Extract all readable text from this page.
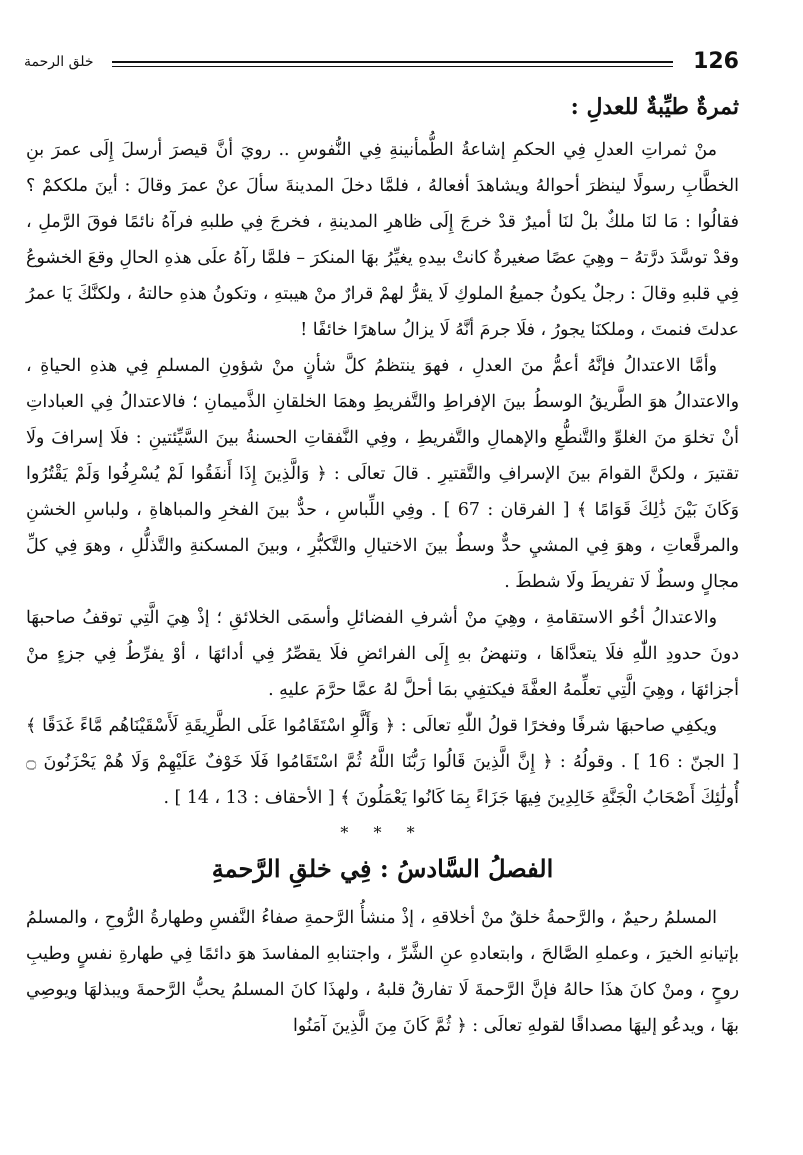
126
خلق الرحمة
ثمرةٌ طيِّبةٌ للعدلِ :

منْ ثمراتِ العدلِ فِي الحكمِ إشاعةُ الطُّمأنينةِ فِي النُّفوسِ .. رويَ أنَّ قيصرَ أرسلَ إِلَى عمرَ بنِ الخطَّابِ رسولًا لينظرَ أحوالهُ ويشاهدَ أفعالهُ ، فلمَّا دخلَ المدينةَ سألَ عنْ عمرَ وقالَ : أينَ ملككمْ ؟ فقالُوا : مَا لنَا ملكٌ بلْ لنَا أميرٌ قدْ خرجَ إِلَى ظاهرِ المدينةِ ، فخرجَ فِي طلبهِ فرآهُ نائمًا فوقَ الرَّملِ ، وقدْ توسَّدَ درَّتهُ – وهِيَ عصًا صغيرةٌ كانتْ بيدهِ يغيِّرُ بهَا المنكرَ – فلمَّا رآهُ علَى هذهِ الحالِ وقعَ الخشوعُ فِي قلبهِ وقالَ : رجلٌ يكونُ جميعُ الملوكِ لَا يقرُّ لهمْ قرارٌ منْ هيبتهِ ، وتكونُ هذهِ حالتهُ ، ولكنَّكَ يَا عمرُ عدلتَ فنمتَ ، وملكنَا يجورُ ، فلَا جرمَ أنَّهُ لَا يزالُ ساهرًا خائفًا !

وأمَّا الاعتدالُ فإنَّهُ أعمُّ منَ العدلِ ، فهوَ ينتظمُ كلَّ شأنٍ منْ شؤونِ المسلمِ فِي هذهِ الحياةِ ، والاعتدالُ هوَ الطَّريقُ الوسطُ بينَ الإفراطِ والتَّفريطِ وهمَا الخلقانِ الذَّميمانِ ؛ فالاعتدالُ فِي العباداتِ أنْ تخلوَ منَ الغلوِّ والتَّنطُّعِ والإهمالِ والتَّفريطِ ، وفِي النَّفقاتِ الحسنةُ بينَ السَّيِّئتينِ : فلَا إسرافَ ولَا تقتيرَ ، ولكنَّ القوامَ بينَ الإسرافِ والتَّقتيرِ . قالَ تعالَى : ﴿ وَالَّذِينَ إِذَا أَنفَقُوا لَمْ يُسْرِفُوا وَلَمْ يَقْتُرُوا وَكَانَ بَيْنَ ذَٰلِكَ قَوَامًا ﴾ [ الفرقان : 67 ] . وفِي اللِّباسِ ، حدٌّ بينَ الفخرِ والمباهاةِ ، ولباسِ الخشنِ والمرقَّعاتِ ، وهوَ فِي المشيِ حدٌّ وسطٌ بينَ الاختيالِ والتَّكبُّرِ ، وبينَ المسكنةِ والتَّذلُّلِ ، وهوَ فِي كلِّ مجالٍ وسطٌ لَا تفريطَ ولَا شططَ .

والاعتدالُ أخُو الاستقامةِ ، وهِيَ منْ أشرفِ الفضائلِ وأسمَى الخلائقِ ؛ إذْ هِيَ الَّتِي توقفُ صاحبهَا دونَ حدودِ اللّٰهِ فلَا يتعدَّاهَا ، وتنهضُ بهِ إِلَى الفرائضِ فلَا يقصِّرُ فِي أدائهَا ، أوْ يفرِّطُ فِي جزءٍ منْ أجزائهَا ، وهِيَ الَّتِي تعلِّمهُ العفَّةَ فيكتفِي بمَا أحلَّ لهُ عمَّا حرَّمَ عليهِ .

ويكفِي صاحبهَا شرفًا وفخرًا قولُ اللّٰهِ تعالَى : ﴿ وَأَلَّوِ اسْتَقَامُوا عَلَى الطَّرِيقَةِ لَأَسْقَيْنَاهُم مَّاءً غَدَقًا ﴾ [ الجنّ : 16 ] . وقولُهُ : ﴿ إِنَّ الَّذِينَ قَالُوا رَبُّنَا اللَّهُ ثُمَّ اسْتَقَامُوا فَلَا خَوْفٌ عَلَيْهِمْ وَلَا هُمْ يَحْزَنُونَ ۝ أُولَٰئِكَ أَصْحَابُ الْجَنَّةِ خَالِدِينَ فِيهَا جَزَاءً بِمَا كَانُوا يَعْمَلُونَ ﴾ [ الأحقاف : 13 ، 14 ] .

* * *
الفصلُ السَّادسُ : فِي خلقِ الرَّحمةِ

المسلمُ رحيمٌ ، والرَّحمةُ خلقٌ منْ أخلاقهِ ، إذْ منشأُ الرَّحمةِ صفاءُ النَّفسِ وطهارةُ الرُّوحِ ، والمسلمُ بإتيانهِ الخيرَ ، وعملهِ الصَّالحَ ، وابتعادهِ عنِ الشَّرِّ ، واجتنابهِ المفاسدَ هوَ دائمًا فِي طهارةِ نفسٍ وطيبِ روحٍ ، ومنْ كانَ هذَا حالهُ فإنَّ الرَّحمةَ لَا تفارقُ قلبهُ ، ولهذَا كانَ المسلمُ يحبُّ الرَّحمةَ ويبذلهَا ويوصِي بهَا ، ويدعُو إليهَا مصداقًا لقولهِ تعالَى : ﴿ ثُمَّ كَانَ مِنَ الَّذِينَ آمَنُوا
